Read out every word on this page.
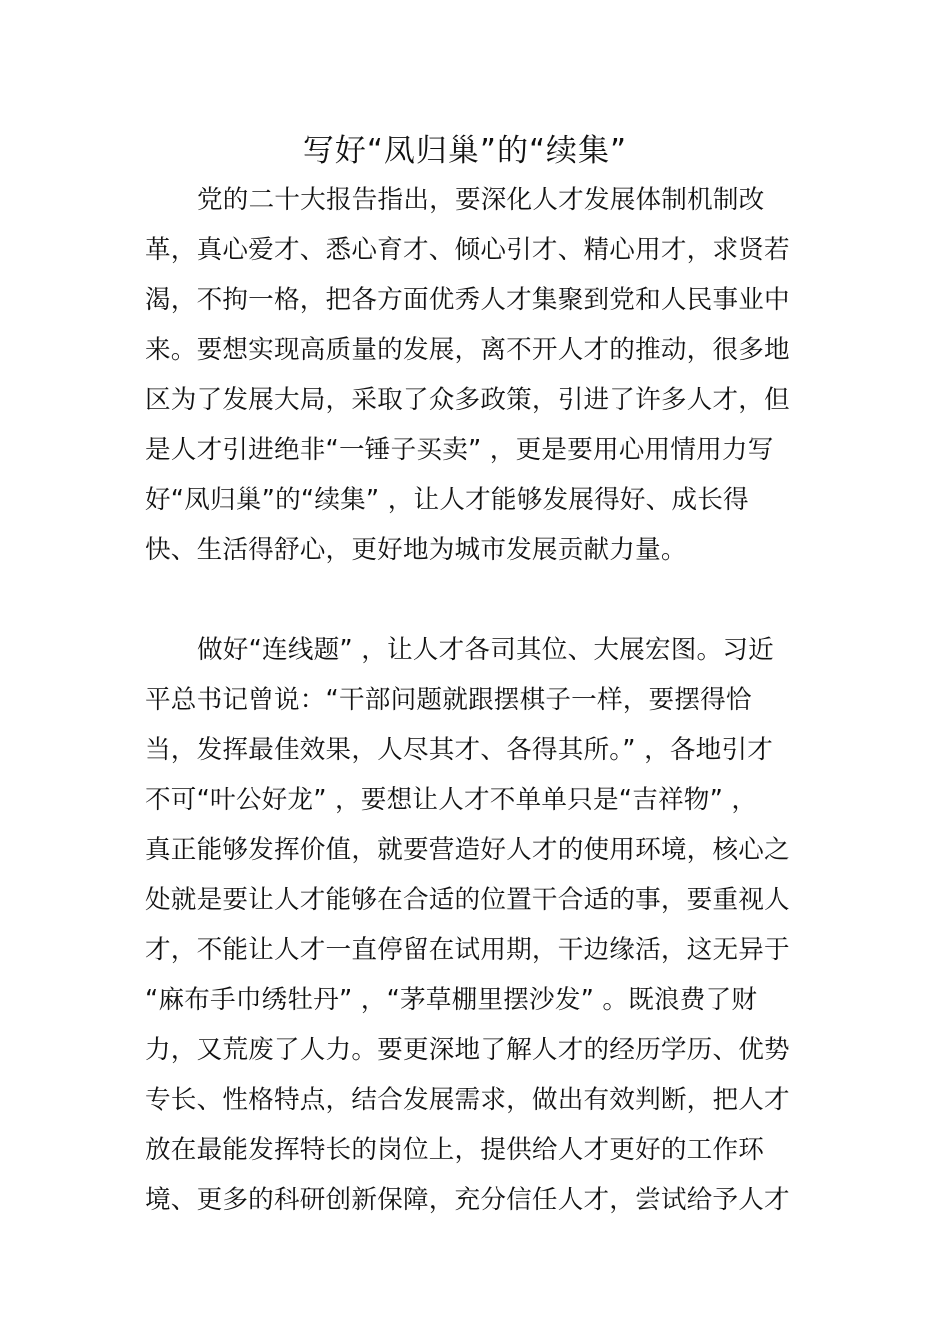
写好“凤归巢”的“续集”
党的二十大报告指出，要深化人才发展体制机制改
革，真心爱才、悉心育才、倾心引才、精心用才，求贤若
渴，不拘一格，把各方面优秀人才集聚到党和人民事业中
来。要想实现高质量的发展，离不开人才的推动，很多地
区为了发展大局，采取了众多政策，引进了许多人才，但
是人才引进绝非“一锤子买卖” ，更是要用心用情用力写
好“凤归巢”的“续集” ，让人才能够发展得好、成长得
快、生活得舒心，更好地为城市发展贡献力量。
做好“连线题” ，让人才各司其位、大展宏图。习近
平总书记曾说：“干部问题就跟摆棋子一样，要摆得恰
当，发挥最佳效果，人尽其才、各得其所。” ，各地引才
不可“叶公好龙” ，要想让人才不单单只是“吉祥物” ，
真正能够发挥价值，就要营造好人才的使用环境，核心之
处就是要让人才能够在合适的位置干合适的事，要重视人
才，不能让人才一直停留在试用期，干边缘活，这无异于
“麻布手巾绣牡丹” ，“茅草棚里摆沙发” 。既浪费了财
力，又荒废了人力。要更深地了解人才的经历学历、优势
专长、性格特点，结合发展需求，做出有效判断，把人才
放在最能发挥特长的岗位上，提供给人才更好的工作环
境、更多的科研创新保障，充分信任人才，尝试给予人才
